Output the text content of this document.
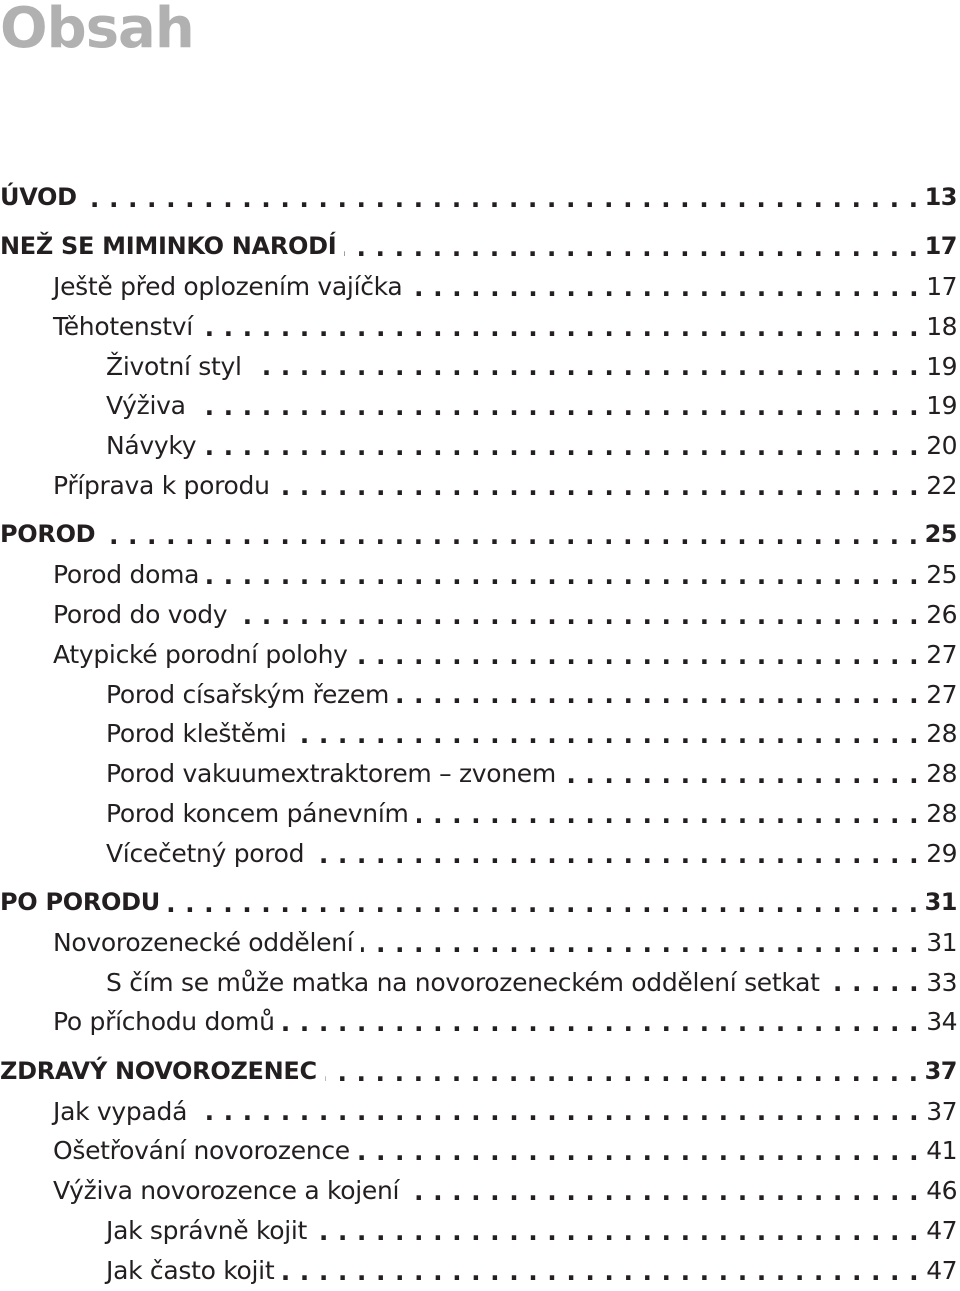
Obsah
ÚVOD . . .	13
NEŽ SE MIMINKO NARODÍ . . .	17
Ještě před oplozením vajíčka . . .	17
Těhotenství . . .	18
Životní styl . . .	19
Výživa . . .	19
Návyky . . .	20
Příprava k porodu . . .	22
POROD . . .	25
Porod doma . . .	25
Porod do vody . . .	26
Atypické porodní polohy . . .	27
Porod císařským řezem . . .	27
Porod kleštěmi . . .	28
Porod vakuumextraktorem – zvonem . . .	28
Porod koncem pánevním . . .	28
Vícečetný porod . . .	29
PO PORODU . . .	31
Novorozenecké oddělení . . .	31
S čím se může matka na novorozeneckém oddělení setkat . . .	33
Po příchodu domů . . .	34
ZDRAVÝ NOVOROZENEC . . .	37
Jak vypadá . . .	37
Ošetřování novorozence . . .	41
Výživa novorozence a kojení . . .	46
Jak správně kojit . . .	47
Jak často kojit . . .	47
